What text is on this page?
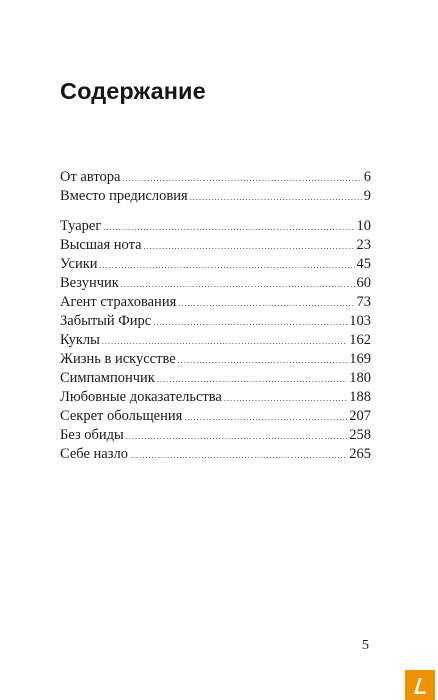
Содержание
От автора .....	6
Вместо предисловия .....	9
Туарег .....	10
Высшая нота .....	23
Усики .....	45
Везунчик .....	60
Агент страхования .....	73
Забытый Фирс .....	103
Куклы .....	162
Жизнь в искусстве .....	169
Симпампончик .....	180
Любовные доказательства .....	188
Секрет обольщения .....	207
Без обиды .....	258
Себе назло .....	265
5
